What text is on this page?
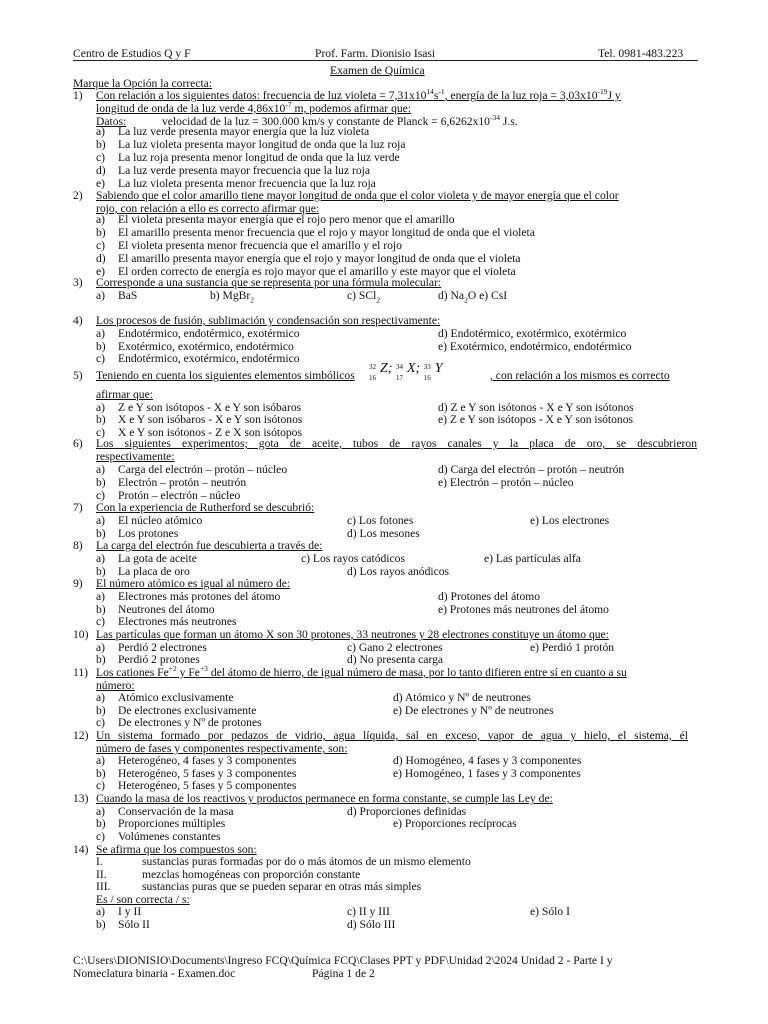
Centro de Estudios Q y F	Prof. Farm. Dionisio Isasi	Tel. 0981-483.223
Examen de Química
Marque la Opción la correcta:
1) Con relación a los siguientes datos: frecuencia de luz violeta = $7,31x10^{14}s^{-1}$, energía de la luz roja = $3,03x10^{-19}J$ y
longitud de onda de la luz verde $4,86x10^{-7}$ m, podemos afirmar que:
Datos:	velocidad de la luz = 300.000 km/s y constante de Planck = $6,6262x10^{-34}$ J.s.
a) La luz verde presenta mayor energía que la luz violeta
b) La luz violeta presenta mayor longitud de onda que la luz roja
c) La luz roja presenta menor longitud de onda que la luz verde
d) La luz verde presenta mayor frecuencia que la luz roja
e) La luz violeta presenta menor frecuencia que la luz roja
2) Sabiendo que el color amarillo tiene mayor longitud de onda que el color violeta y de mayor energía que el color
rojo, con relación a ello es correcto afirmar que:
a) El violeta presenta mayor energía que el rojo pero menor que el amarillo
b) El amarillo presenta menor frecuencia que el rojo y mayor longitud de onda que el violeta
c) El violeta presenta menor frecuencia que el amarillo y el rojo
d) El amarillo presenta mayor energía que el rojo y mayor longitud de onda que el violeta
e) El orden correcto de energía es rojo mayor que el amarillo y este mayor que el violeta
3) Corresponde a una sustancia que se representa por una fórmula molecular:
a) BaS	b) MgBr$_2$	c) SCl$_2$	d) $Na_2O$ e) CsI
4) Los procesos de fusión, sublimación y condensación son respectivamente:
a) Endotérmico, endotérmico, exotérmico
b) Exotérmico, exotérmico, endotérmico
c) Endotérmico, exotérmico, endotérmico
d) Endotérmico, exotérmico, exotérmico
e) Exotérmico, endotérmico, endotérmico
5) Teniendo en cuenta los siguientes elementos simbólicos
32
16
Z; 34
17
X; 33
16
Y	, con relación a los mismos es correcto
afirmar que:
a) Z e Y son isótopos - X e Y son isóbaros
b) X e Y son isóbaros - X e Y son isótonos
c) X e Y son isótonos - Z e X son isótopos
d) Z e Y son isótonos - X e Y son isótonos
e) Z e Y son isótopos - X e Y son isótonos
6) Los siguientes experimentos; gota de aceite, tubos de rayos canales y la placa de oro, se descubrieron
respectivamente:
a) Carga del electrón – protón – núcleo
b) Electrón – protón – neutrón
c) Protón – electrón – núcleo
d) Carga del electrón – protón – neutrón
e) Electrón – protón – núcleo
7) Con la experiencia de Rutherford se descubrió:
a) El núcleo atómico
b) Los protones
c) Los fotones
d) Los mesones
e) Los electrones
8) La carga del electrón fue descubierta a través de:
a) La gota de aceite
b) La placa de oro
c) Los rayos catódicos
d) Los rayos anódicos
e) Las partículas alfa
9) El número atómico es igual al número de:
a) Electrones más protones del átomo
b) Neutrones del átomo
c) Electrones más neutrones
d) Protones del átomo
e) Protones más neutrones del átomo
10) Las partículas que forman un átomo X son 30 protones, 33 neutrones y 28 electrones constituye un átomo que:
a) Perdió 2 electrones
b) Perdió 2 protones
c) Gano 2 electrones
d) No presenta carga
e) Perdió 1 protón
11) Los cationes $Fe^{+2}$ y $Fe^{+3}$ del átomo de hierro, de igual número de masa, por lo tanto difieren entre sí en cuanto a su
número:
a) Atómico exclusivamente
b) De electrones exclusivamente
c) De electrones y Nº de protones
d) Atómico y Nº de neutrones
e) De electrones y Nº de neutrones
12) Un sistema formado por pedazos de vidrio, agua líquida, sal en exceso, vapor de agua y hielo, el sistema, él
número de fases y componentes respectivamente, son:
a) Heterogéneo, 4 fases y 3 componentes
b) Heterogéneo, 5 fases y 3 componentes
c) Heterogéneo, 5 fases y 5 componentes
d) Homogéneo, 4 fases y 3 componentes
e) Homogéneo, 1 fases y 3 componentes
13) Cuando la masa de los reactivos y productos permanece en forma constante, se cumple las Ley de:
a) Conservación de la masa
b) Proporciones múltiples
c) Volúmenes constantes
d) Proporciones definidas
e) Proporciones recíprocas
14) Se afirma que los compuestos son:
I.	sustancias puras formadas por do o más átomos de un mismo elemento
II.	mezclas homogéneas con proporción constante
III.	sustancias puras que se pueden separar en otras más simples
Es / son correcta / s:
a) I y II
b) Sólo II
c) II y III
d) Sólo III
e) Sólo I
C:\Users\DIONISIO\Documents\Ingreso FCQ\Química FCQ\Clases PPT y PDF\Unidad 2\2024 Unidad 2 - Parte I y
Nomeclatura binaria - Examen.doc	Página 1 de 2
